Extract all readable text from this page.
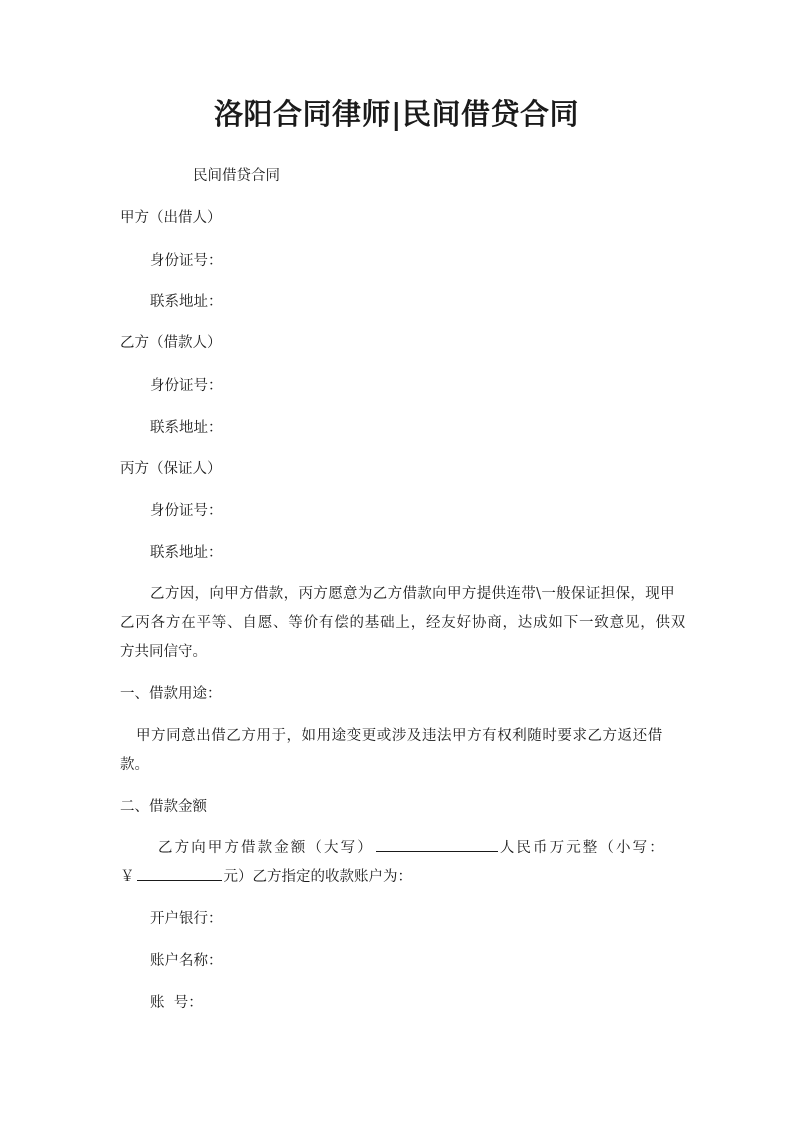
洛阳合同律师|民间借贷合同
民间借贷合同
甲方（出借人）
身份证号：
联系地址：
乙方（借款人）
身份证号：
联系地址：
丙方（保证人）
身份证号：
联系地址：
乙方因，向甲方借款，丙方愿意为乙方借款向甲方提供连带\一般保证担保，现甲
乙丙各方在平等、自愿、等价有偿的基础上，经友好协商，达成如下一致意见，供双
方共同信守。
一、借款用途：
甲方同意出借乙方用于，如用途变更或涉及违法甲方有权利随时要求乙方返还借
款。
二、借款金额
乙方向甲方借款金额（大写）	人民币万元整（小写：
￥	元）乙方指定的收款账户为：
开户银行：
账户名称：
账  号：
